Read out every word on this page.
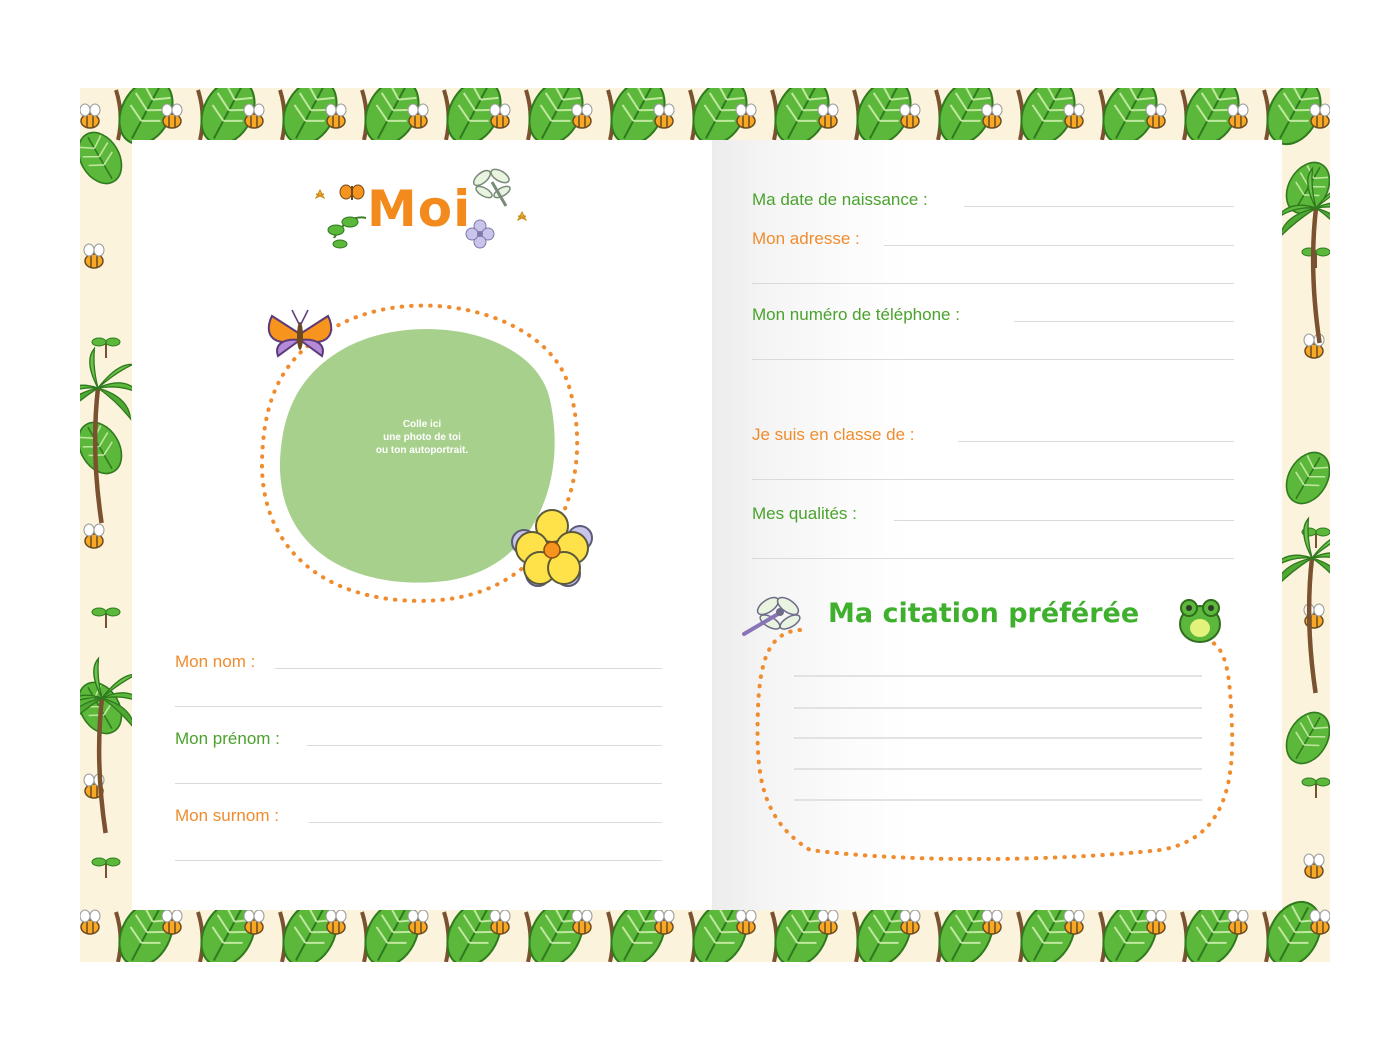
Moi
Colle ici
une photo de toi
ou ton autoportrait.
Mon nom :
Mon prénom :
Mon surnom :
Ma date de naissance :
Mon adresse :
Mon numéro de téléphone :
Je suis en classe de :
Mes qualités :
Ma citation préférée
